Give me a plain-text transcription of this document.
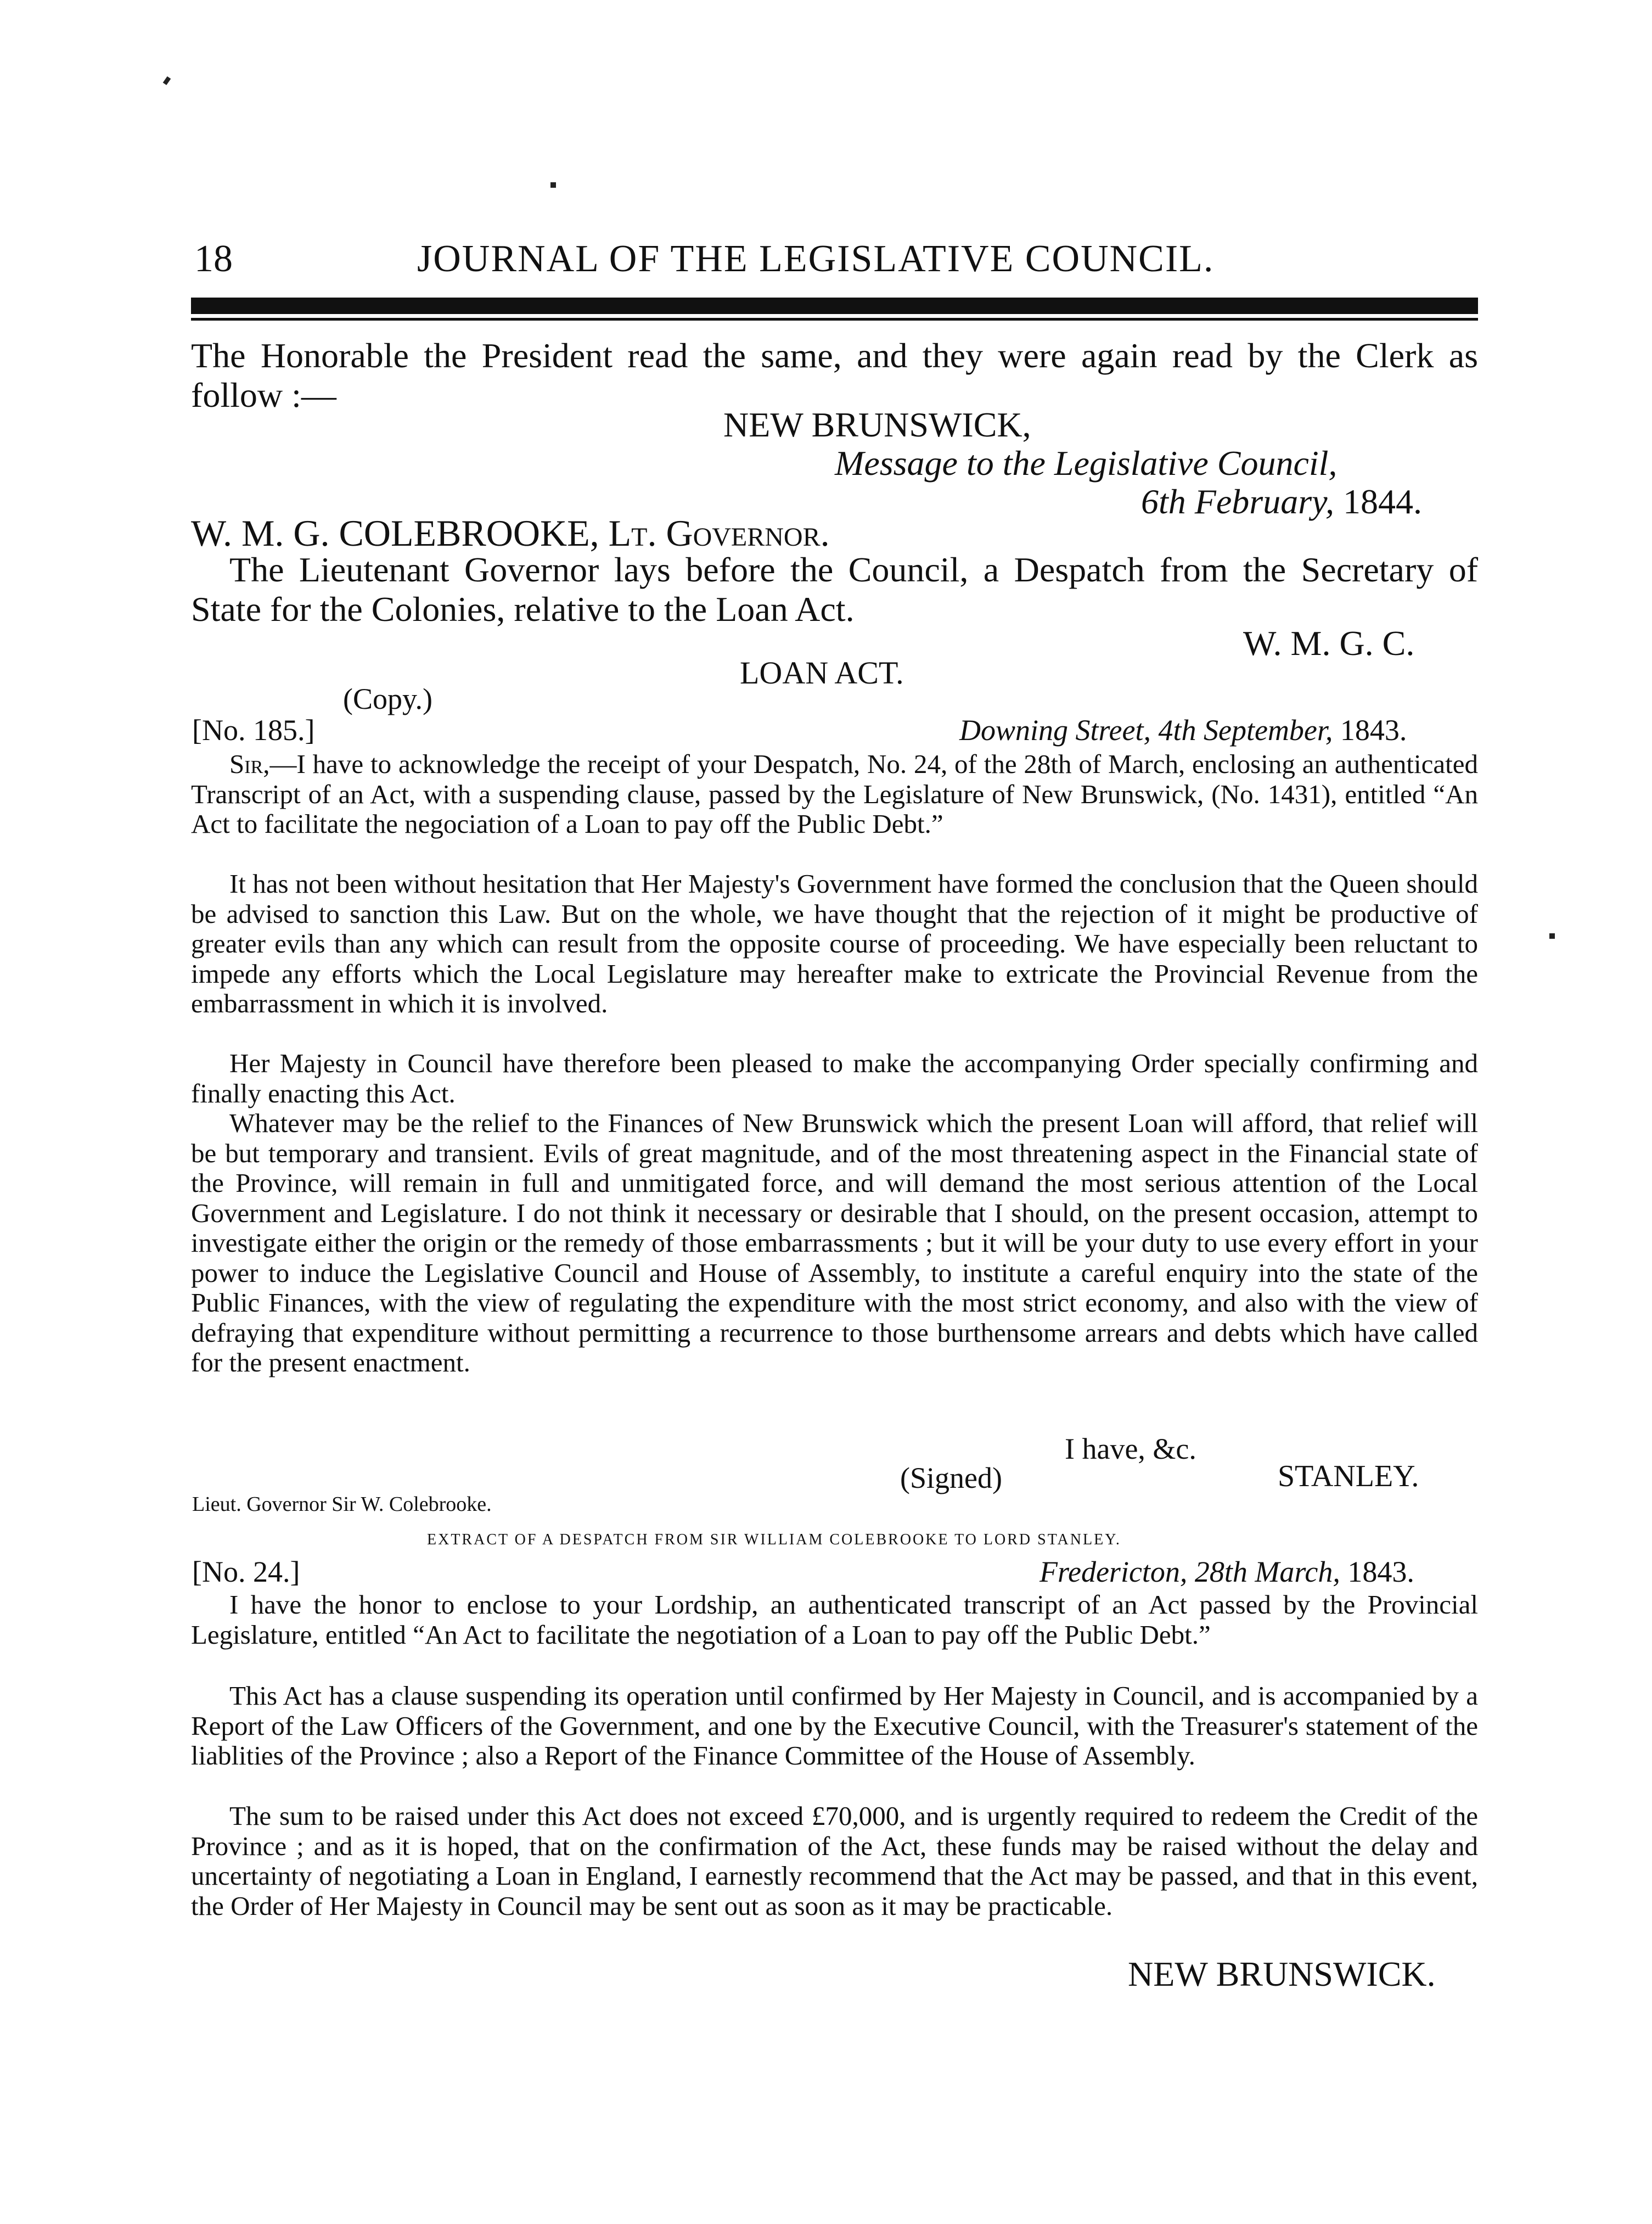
18	JOURNAL OF THE LEGISLATIVE COUNCIL.

The Honorable the President read the same, and they were again read by the Clerk as follow :—

NEW BRUNSWICK,
Message to the Legislative Council,
6th February, 1844.
W. M. G. COLEBROOKE, Lt. Governor.

The Lieutenant Governor lays before the Council, a Despatch from the Secretary of State for the Colonies, relative to the Loan Act.

W. M. G. C.
LOAN ACT.
(Copy.)
[No. 185.]	Downing Street, 4th September, 1843.
Sir,—I have to acknowledge the receipt of your Despatch, No. 24, of the 28th of March, enclosing an authenticated Transcript of an Act, with a suspending clause, passed by the Legislature of New Brunswick, (No. 1431), entitled “An Act to facilitate the negociation of a Loan to pay off the Public Debt.”

It has not been without hesitation that Her Majesty's Government have formed the conclusion that the Queen should be advised to sanction this Law. But on the whole, we have thought that the rejection of it might be productive of greater evils than any which can result from the opposite course of proceeding. We have especially been reluctant to impede any efforts which the Local Legislature may hereafter make to extricate the Provincial Revenue from the embarrassment in which it is involved.

Her Majesty in Council have therefore been pleased to make the accompanying Order specially confirming and finally enacting this Act.

Whatever may be the relief to the Finances of New Brunswick which the present Loan will afford, that relief will be but temporary and transient. Evils of great magnitude, and of the most threatening aspect in the Financial state of the Province, will remain in full and unmitigated force, and will demand the most serious attention of the Local Government and Legislature. I do not think it necessary or desirable that I should, on the present occasion, attempt to investigate either the origin or the remedy of those embarrassments ; but it will be your duty to use every effort in your power to induce the Legislative Council and House of Assembly, to institute a careful enquiry into the state of the Public Finances, with the view of regulating the expenditure with the most strict economy, and also with the view of defraying that expenditure without permitting a recurrence to those burthensome arrears and debts which have called for the present enactment.

I have, &c.
(Signed)	STANLEY.
Lieut. Governor Sir W. Colebrooke.
EXTRACT OF A DESPATCH FROM SIR WILLIAM COLEBROOKE TO LORD STANLEY.
[No. 24.]	Fredericton, 28th March, 1843.

I have the honor to enclose to your Lordship, an authenticated transcript of an Act passed by the Provincial Legislature, entitled “An Act to facilitate the negotiation of a Loan to pay off the Public Debt.”

This Act has a clause suspending its operation until confirmed by Her Majesty in Council, and is accompanied by a Report of the Law Officers of the Government, and one by the Executive Council, with the Treasurer's statement of the liablities of the Province ; also a Report of the Finance Committee of the House of Assembly.

The sum to be raised under this Act does not exceed £70,000, and is urgently required to redeem the Credit of the Province ; and as it is hoped, that on the confirmation of the Act, these funds may be raised without the delay and uncertainty of negotiating a Loan in England, I earnestly recommend that the Act may be passed, and that in this event, the Order of Her Majesty in Council may be sent out as soon as it may be practicable.

NEW BRUNSWICK.
